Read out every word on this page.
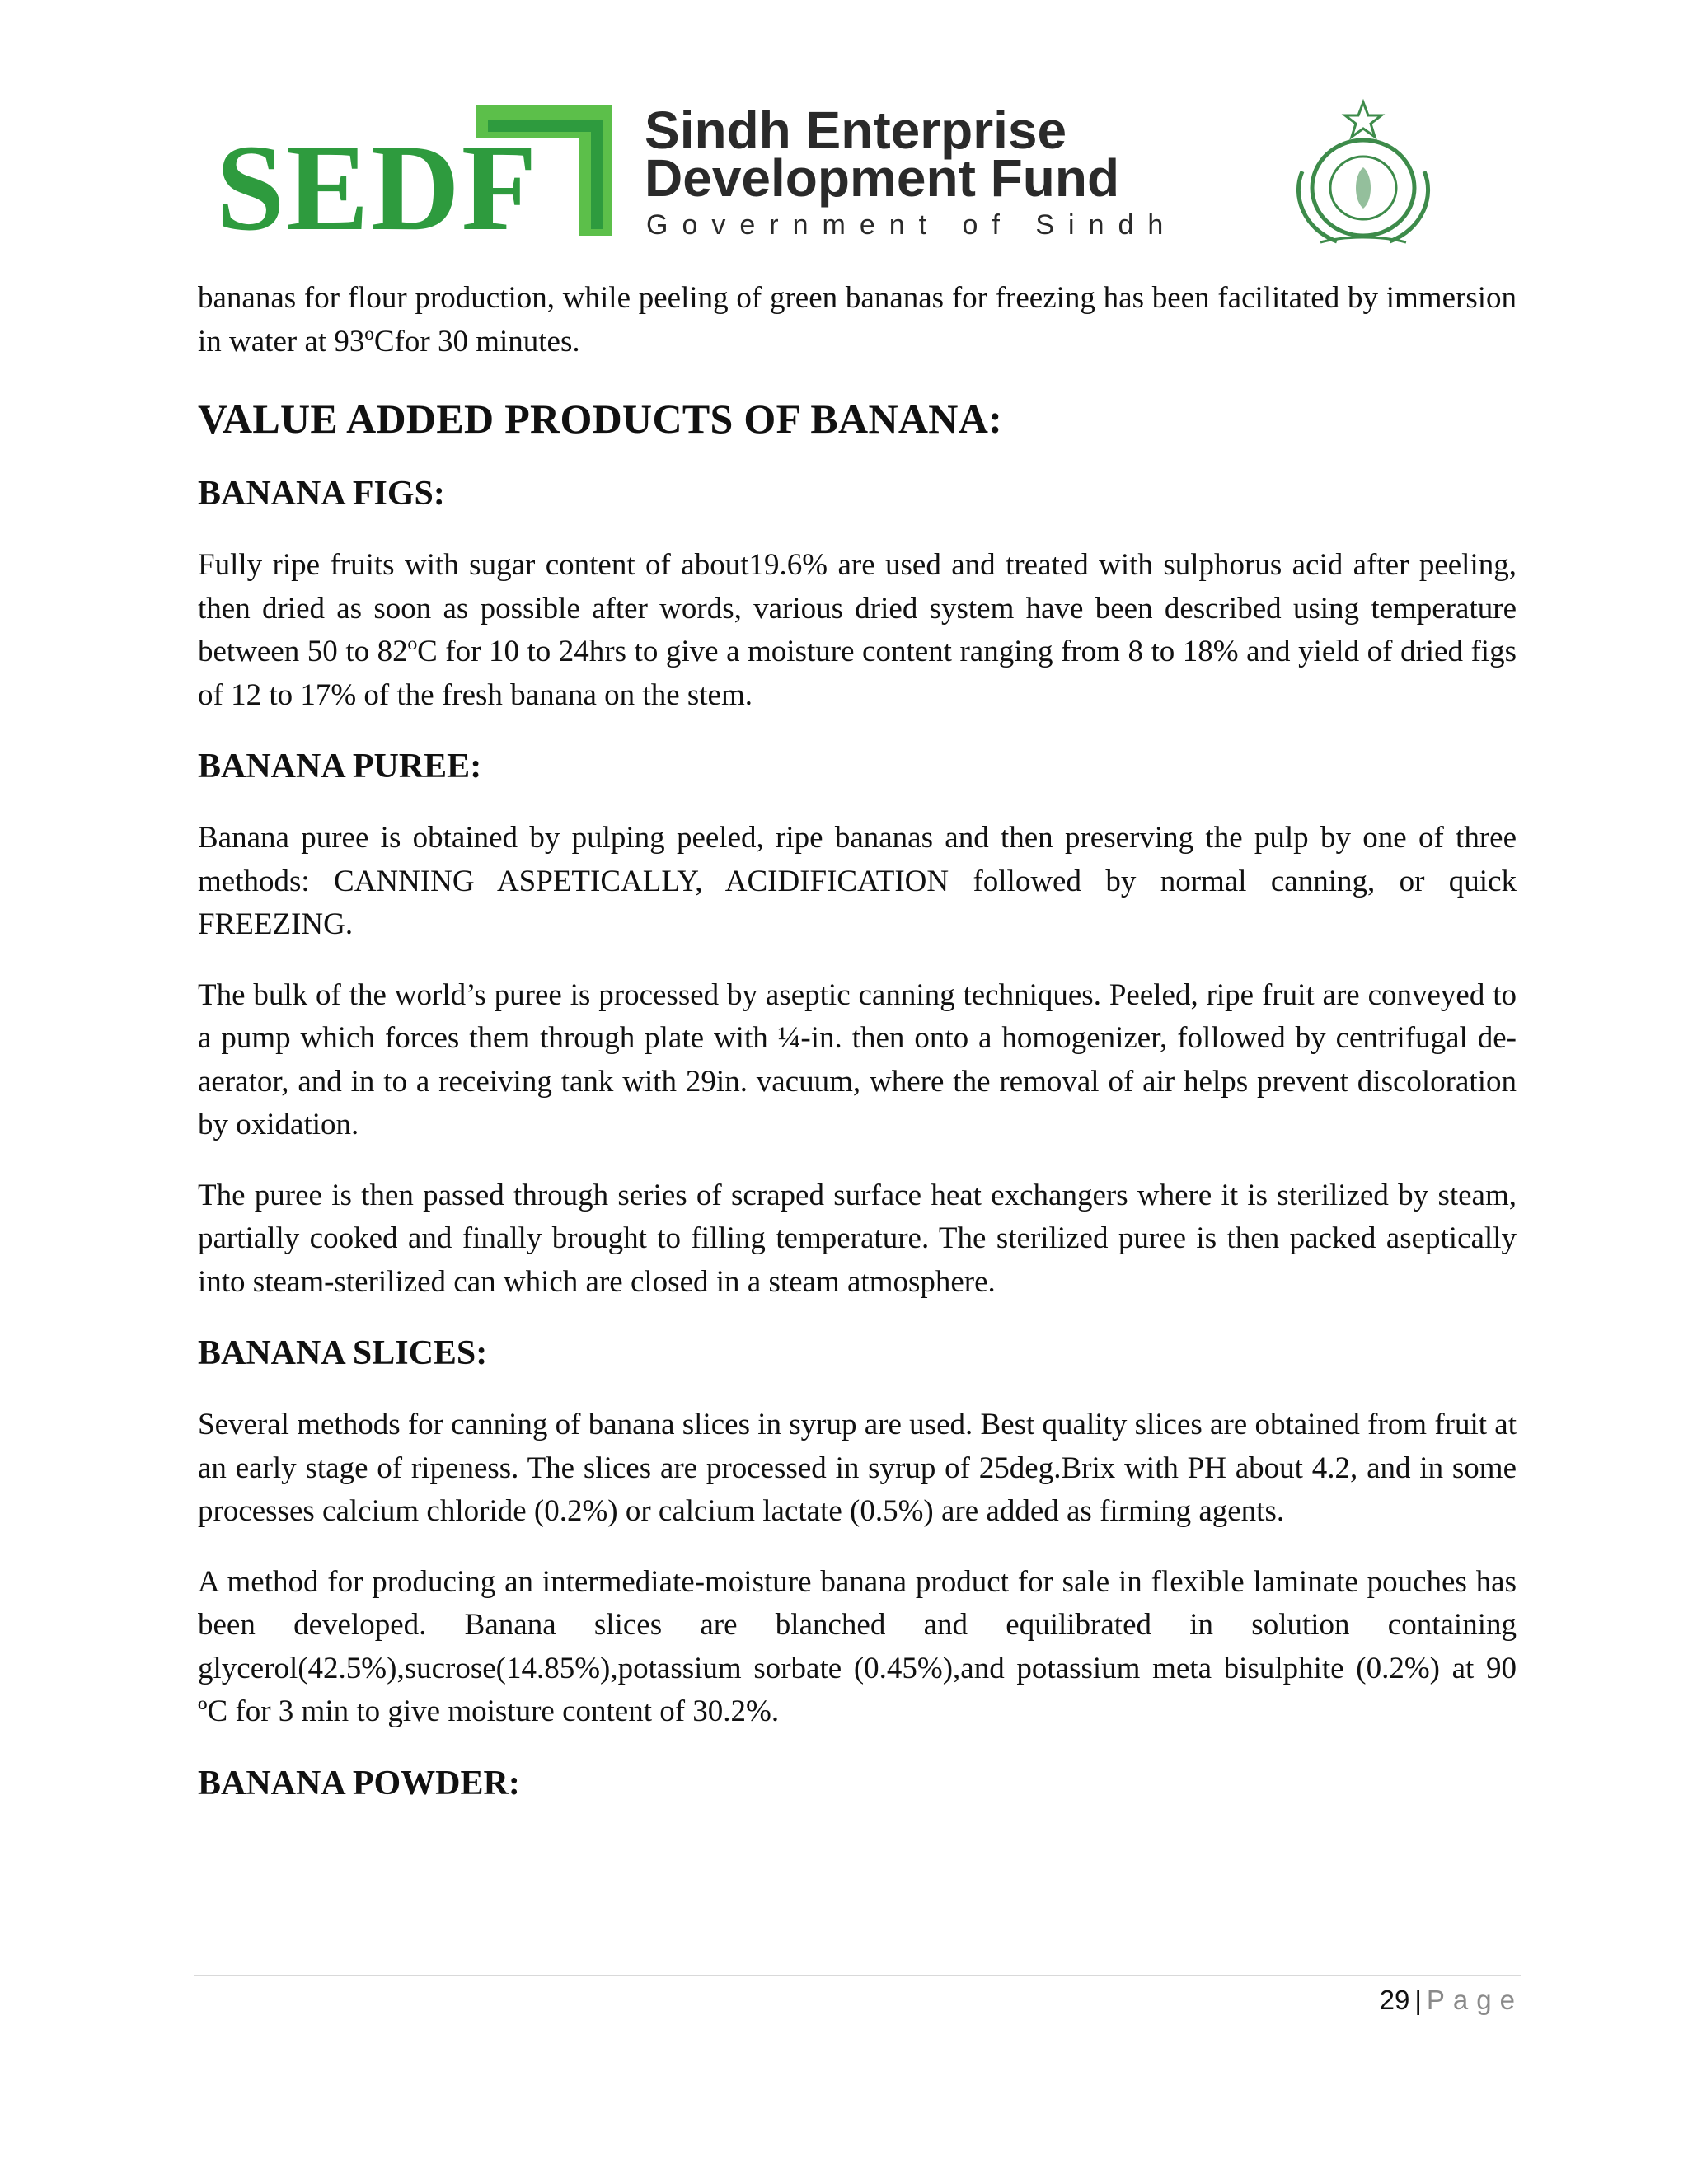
SEDF Sindh Enterprise
Development Fund
Government of Sindh

bananas for flour production, while peeling of green bananas for freezing has been facilitated by immersion in water at 93ºCfor 30 minutes.

VALUE ADDED PRODUCTS OF BANANA:
BANANA FIGS:

Fully ripe fruits with sugar content of about19.6% are used and treated with sulphorus acid after peeling, then dried as soon as possible after words, various dried system have been described using temperature between 50 to 82ºC for 10 to 24hrs to give a moisture content ranging from 8 to 18% and yield of dried figs of 12 to 17% of the fresh banana on the stem.

BANANA PUREE:

Banana puree is obtained by pulping peeled, ripe bananas and then preserving the pulp by one of three methods: CANNING ASPETICALLY, ACIDIFICATION followed by normal canning, or quick FREEZING.

The bulk of the world’s puree is processed by aseptic canning techniques. Peeled, ripe fruit are conveyed to a pump which forces them through plate with ¼-in. then onto a homogenizer, followed by centrifugal de-aerator, and in to a receiving tank with 29in. vacuum, where the removal of air helps prevent discoloration by oxidation.

The puree is then passed through series of scraped surface heat exchangers where it is sterilized by steam, partially cooked and finally brought to filling temperature. The sterilized puree is then packed aseptically into steam-sterilized can which are closed in a steam atmosphere.

BANANA SLICES:

Several methods for canning of banana slices in syrup are used. Best quality slices are obtained from fruit at an early stage of ripeness. The slices are processed in syrup of 25deg.Brix with PH about 4.2, and in some processes calcium chloride (0.2%) or calcium lactate (0.5%) are added as firming agents.

A method for producing an intermediate-moisture banana product for sale in flexible laminate pouches has been developed. Banana slices are blanched and equilibrated in solution containing glycerol(42.5%),sucrose(14.85%),potassium sorbate (0.45%),and potassium meta bisulphite (0.2%) at 90 ºC for 3 min to give moisture content of 30.2%.

BANANA POWDER:
29 | Page
